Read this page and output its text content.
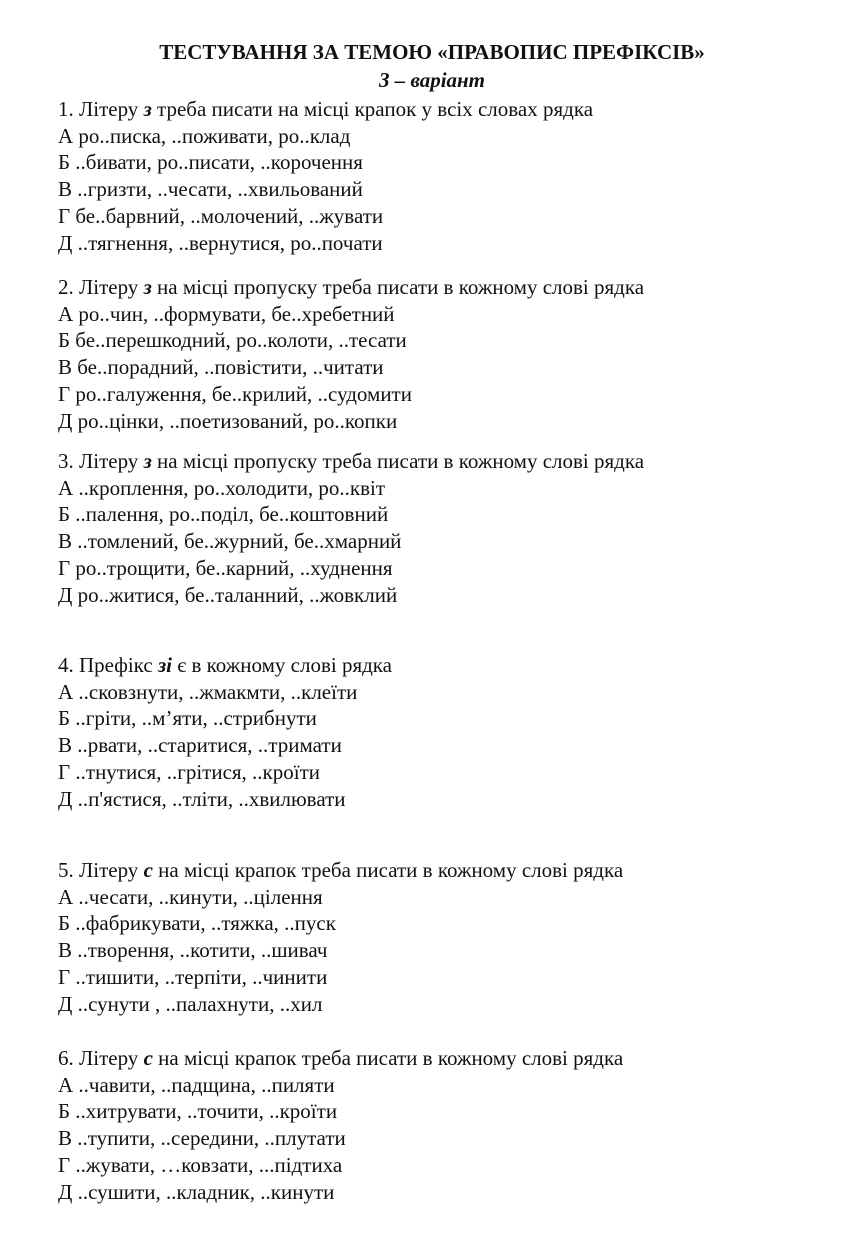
ТЕСТУВАННЯ ЗА ТЕМОЮ «ПРАВОПИС ПРЕФІКСІВ»
3 – варіант
1. Літеру з треба писати на місці крапок у всіх словах рядка
А ро..писка, ..поживати, ро..клад
Б ..бивати, ро..писати, ..корочення
В ..гризти, ..чесати, ..хвильований
Г бе..барвний, ..молочений, ..жувати
Д ..тягнення, ..вернутися, ро..почати
2. Літеру з на місці пропуску треба писати в кожному слові рядка
А ро..чин, ..формувати, бе..хребетний
Б бе..перешкодний, ро..колоти, ..тесати
В бе..порадний, ..повістити, ..читати
Г ро..галуження, бе..крилий, ..судомити
Д ро..цінки, ..поетизований, ро..копки
3. Літеру з на місці пропуску треба писати в кожному слові рядка
А ..кроплення, ро..холодити, ро..квіт
Б ..палення, ро..поділ, бе..коштовний
В ..томлений, бе..журний, бе..хмарний
Г ро..трощити, бе..карний, ..худнення
Д ро..житися, бе..таланний, ..жовклий
4. Префікс зі є в кожному слові рядка
А ..сковзнути, ..жмакмти, ..клеїти
Б ..гріти, ..м’яти, ..стрибнути
В ..рвати, ..старитися, ..тримати
Г ..тнутися, ..грітися, ..кроїти
Д ..п'ястися, ..тліти, ..хвилювати
5. Літеру с на місці крапок треба писати в кожному слові рядка
А ..чесати, ..кинути, ..цілення
Б ..фабрикувати, ..тяжка, ..пуск
В ..творення, ..котити, ..шивач
Г ..тишити, ..терпіти, ..чинити
Д ..сунути , ..палахнути, ..хил
6. Літеру с на місці крапок треба писати в кожному слові рядка
А ..чавити, ..падщина, ..пиляти
Б ..хитрувати, ..точити, ..кроїти
В ..тупити, ..середини, ..плутати
Г ..жувати, …ковзати, ...підтиха
Д ..сушити, ..кладник, ..кинути
